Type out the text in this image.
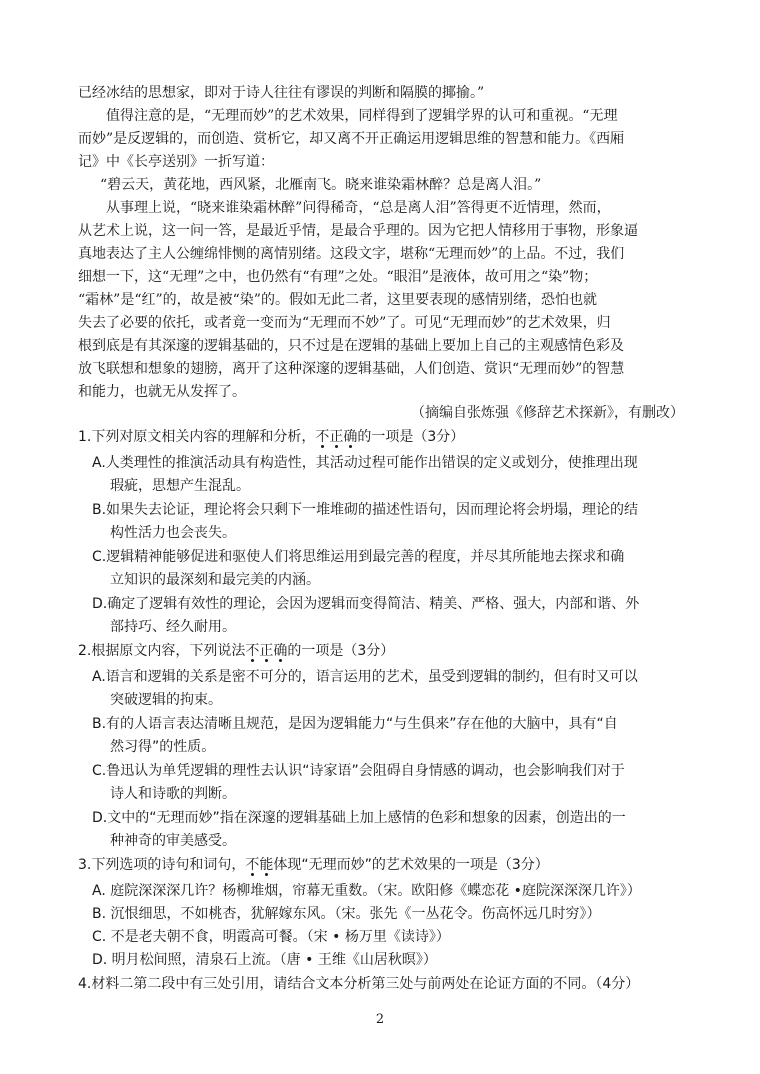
已经冰结的思想家，即对于诗人往往有谬误的判断和隔膜的揶揄。”
值得注意的是，“无理而妙”的艺术效果，同样得到了逻辑学界的认可和重视。“无理
而妙”是反逻辑的，而创造、赏析它，却又离不开正确运用逻辑思维的智慧和能力。《西厢
记》中《长亭送别》一折写道：
“碧云天，黄花地，西风紧，北雁南飞。晓来谁染霜林醉？总是离人泪。”
从事理上说，“晓来谁染霜林醉”问得稀奇，“总是离人泪”答得更不近情理，然而，
从艺术上说，这一问一答，是最近乎情，是最合乎理的。因为它把人情移用于事物，形象逼
真地表达了主人公缠绵悱恻的离情别绪。这段文字，堪称“无理而妙”的上品。不过，我们
细想一下，这“无理”之中，也仍然有“有理”之处。“眼泪”是液体，故可用之“染”物；
“霜林”是“红”的，故是被“染”的。假如无此二者，这里要表现的感情别绪，恐怕也就
失去了必要的依托，或者竟一变而为“无理而不妙”了。可见“无理而妙”的艺术效果，归
根到底是有其深邃的逻辑基础的，只不过是在逻辑的基础上要加上自己的主观感情色彩及
放飞联想和想象的翅膀，离开了这种深邃的逻辑基础，人们创造、赏识“无理而妙”的智慧
和能力，也就无从发挥了。
（摘编自张炼强《修辞艺术探新》，有删改）
1.下列对原文相关内容的理解和分析，不正确的一项是（3分）
A.人类理性的推演活动具有构造性，其活动过程可能作出错误的定义或划分，使推理出现
瑕疵，思想产生混乱。
B.如果失去论证，理论将会只剩下一堆堆砌的描述性语句，因而理论将会坍塌，理论的结
构性活力也会丧失。
C.逻辑精神能够促进和驱使人们将思维运用到最完善的程度，并尽其所能地去探求和确
立知识的最深刻和最完美的内涵。
D.确定了逻辑有效性的理论，会因为逻辑而变得简洁、精美、严格、强大，内部和谐、外
部持巧、经久耐用。
2.根据原文内容，下列说法不正确的一项是（3分）
A.语言和逻辑的关系是密不可分的，语言运用的艺术，虽受到逻辑的制约，但有时又可以
突破逻辑的拘束。
B.有的人语言表达清晰且规范，是因为逻辑能力“与生俱来”存在他的大脑中，具有“自
然习得”的性质。
C.鲁迅认为单凭逻辑的理性去认识“诗家语”会阻碍自身情感的调动，也会影响我们对于
诗人和诗歌的判断。
D.文中的“无理而妙”指在深邃的逻辑基础上加上感情的色彩和想象的因素，创造出的一
种神奇的审美感受。
3.下列选项的诗句和词句，不能体现“无理而妙”的艺术效果的一项是（3分）
A. 庭院深深深几许？杨柳堆烟，帘幕无重数。（宋。欧阳修《蝶恋花 •庭院深深深几许》）
B. 沉恨细思，不如桃杏，犹解嫁东风。（宋。张先《一丛花令。伤高怀远几时穷》）
C. 不是老夫朝不食，明霞高可餐。（宋 • 杨万里《读诗》）
D. 明月松间照，清泉石上流。（唐 • 王维《山居秋暝》）
4.材料二第二段中有三处引用，请结合文本分析第三处与前两处在论证方面的不同。（4分）
2
